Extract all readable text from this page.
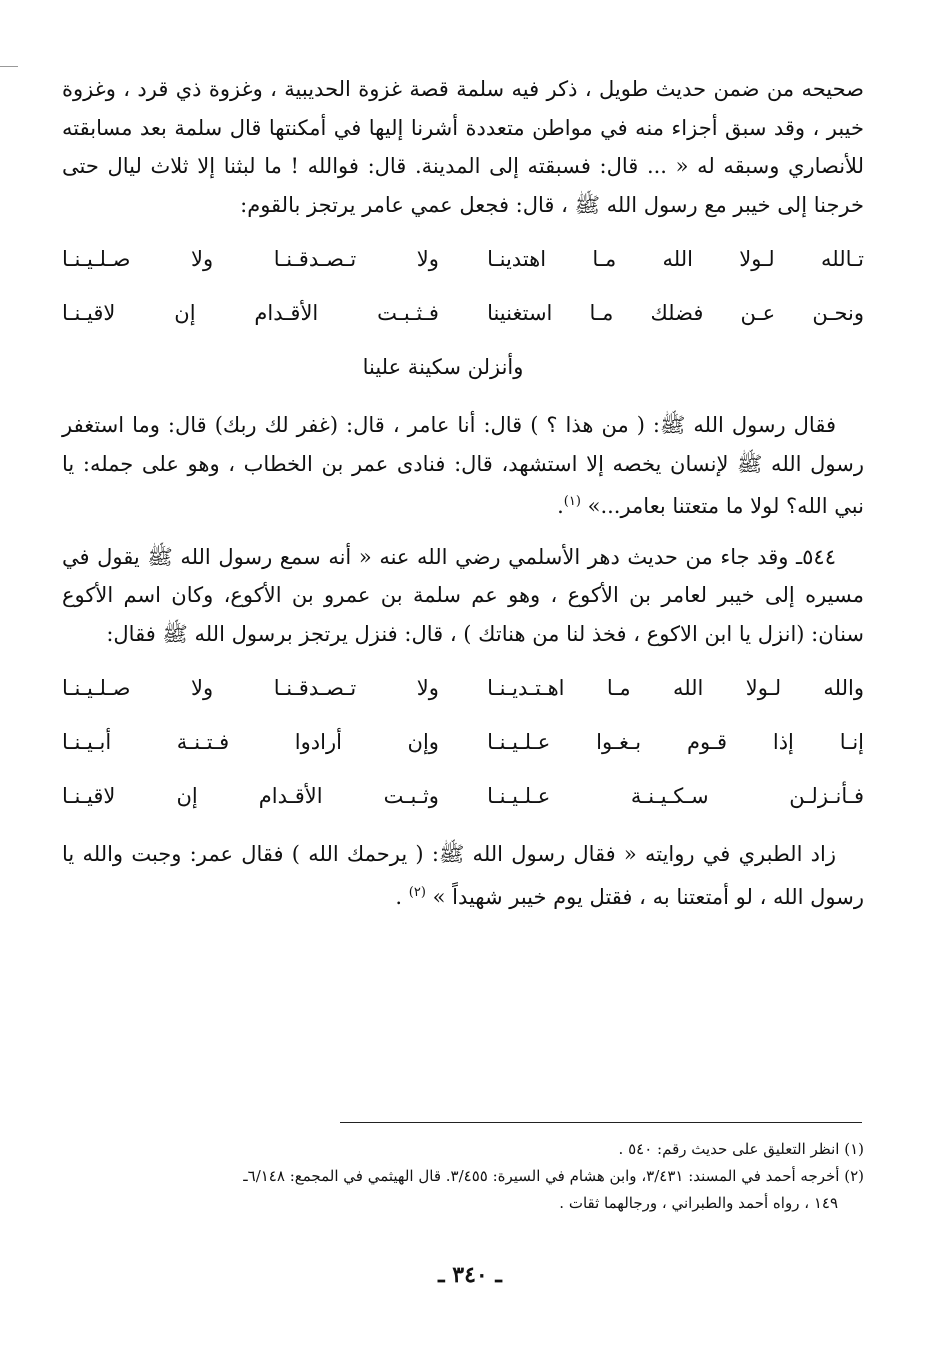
صحيحه من ضمن حديث طويل ، ذكر فيه سلمة قصة غزوة الحديبية ، وغزوة ذي قرد ، وغزوة خيبر ، وقد سبق أجزاء منه في مواطن متعددة أشرنا إليها في أمكنتها قال سلمة بعد مسابقته للأنصاري وسبقه له « ... قال: فسبقته إلى المدينة. قال: فوالله ! ما لبثنا إلا ثلاث ليال حتى خرجنا إلى خيبر مع رسول الله ﷺ ، قال: فجعل عمي عامر يرتجز بالقوم:

تـالله لـولا الله مـا اهتدينـا
ولا تـصـدقـنـا ولا صـلـيـنـا
ونحـن عـن فضلك مـا استغنينا
فـثـبـت الأقـدام إن لاقيـنـا
وأنزلن سكينة علينا

فقال رسول الله ﷺ: ( من هذا ؟ ) قال: أنا عامر ، قال: (غفر لك ربك) قال: وما استغفر رسول الله ﷺ لإنسان يخصه إلا استشهد، قال: فنادى عمر بن الخطاب ، وهو على جمله: يا نبي الله؟ لولا ما متعتنا بعامر...» $^{(١)}$.

٥٤٤ـ وقد جاء من حديث دهر الأسلمي رضي الله عنه « أنه سمع رسول الله ﷺ يقول في مسيره إلى خيبر لعامر بن الأكوع ، وهو عم سلمة بن عمرو بن الأكوع، وكان اسم الأكوع سنان: (انزل يا ابن الاكوع ، فخذ لنا من هناتك ) ، قال: فنزل يرتجز برسول الله ﷺ فقال:

والله لـولا الله مـا اهـتـديـنـا
ولا تـصـدقـنـا ولا صـلـيـنـا
إنـا إذا قـوم بـغـوا عـلـيـنـا
وإن أرادوا فـتـنـة أبـيـنـا
فـأنـزلـن سـكـيـنـة عـلـيـنـا
وثـبـت الأقـدام إن لاقيـنـا

زاد الطبري في روايته « فقال رسول الله ﷺ: ( يرحمك الله ) فقال عمر: وجبت والله يا رسول الله ، لو أمتعتنا به ، فقتل يوم خيبر شهيداً » $^{(٢)}$ .

(١) انظر التعليق على حديث رقم: ٥٤٠ .

(٢) أخرجه أحمد في المسند: ٣/٤٣١، وابن هشام في السيرة: ٣/٤٥٥. قال الهيثمي في المجمع: ٦/١٤٨ـ

١٤٩ ، رواه أحمد والطبراني ، ورجالهما ثقات .

ـ ٣٤٠ ـ
